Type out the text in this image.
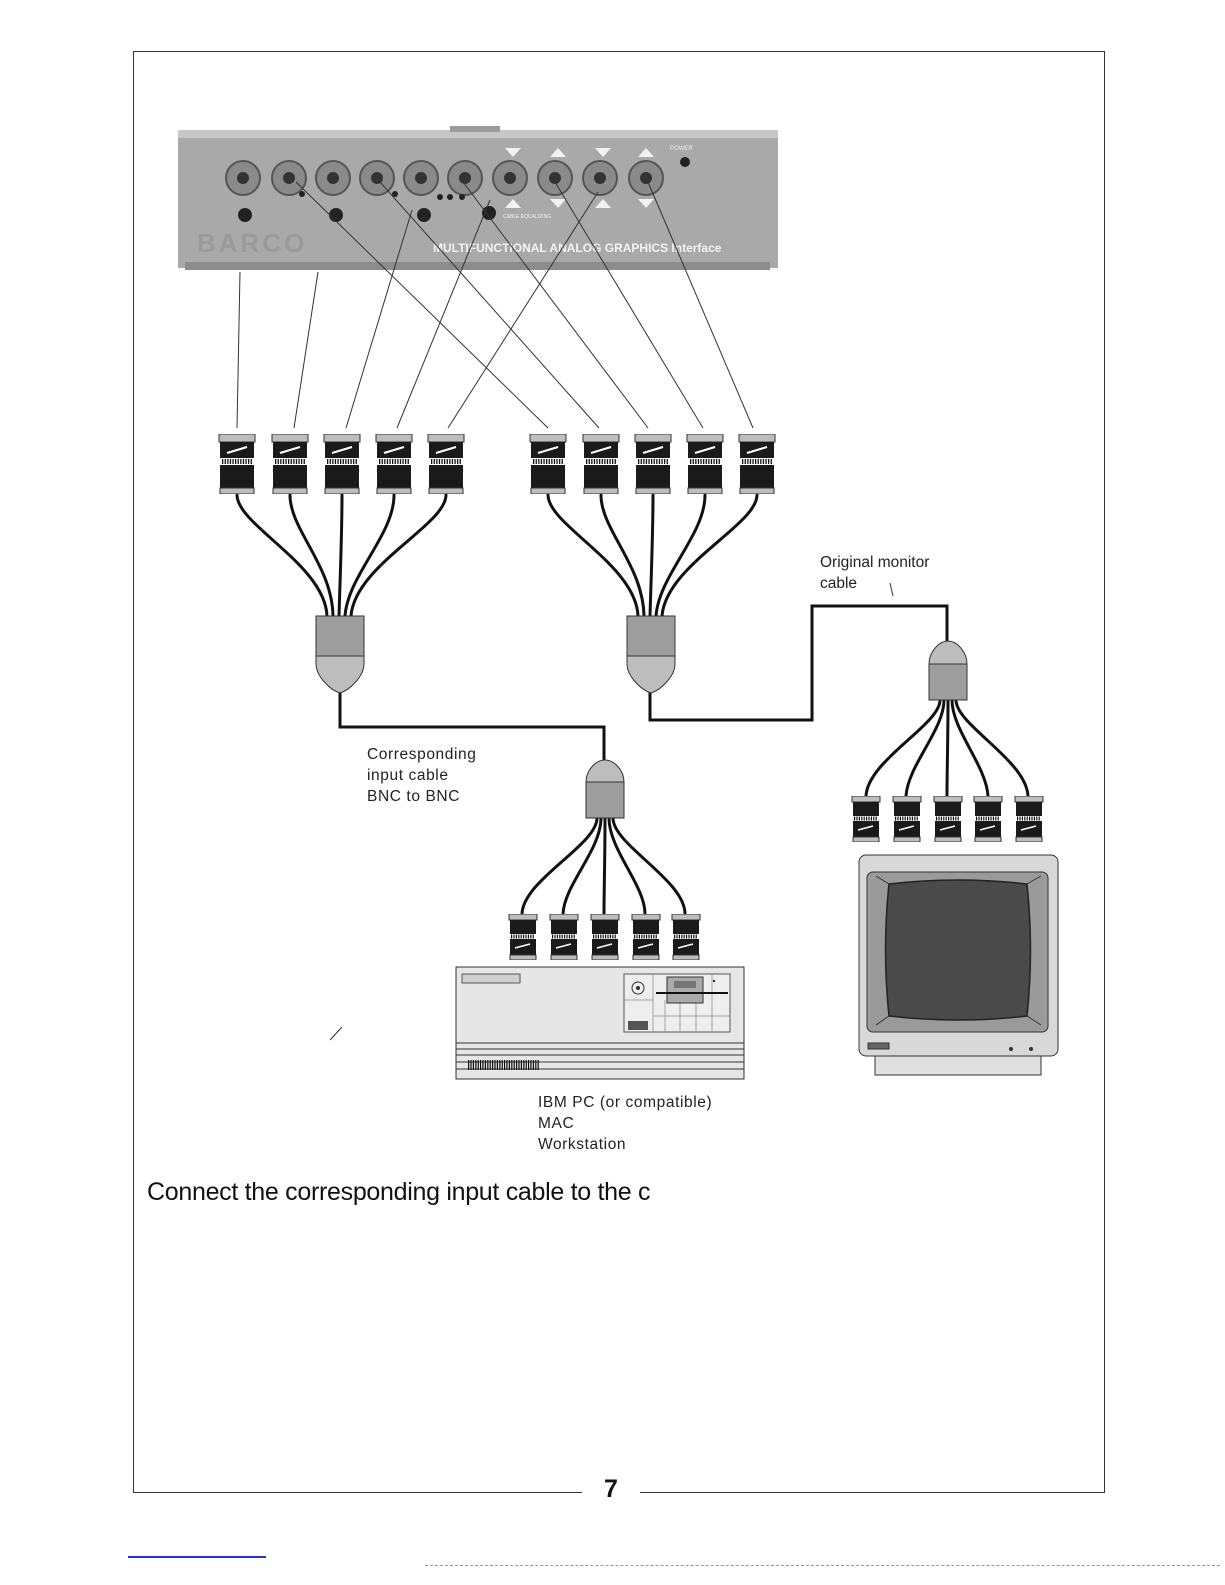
BARCO	MULTIFUNCTIONAL ANALOG GRAPHICS Interface
POWER
CABLE EQUALIZING
Original monitor
cable
Corresponding
input cable
BNC to BNC
IBM PC (or compatible)
MAC
Workstation
Connect the corresponding input cable to the c
7
